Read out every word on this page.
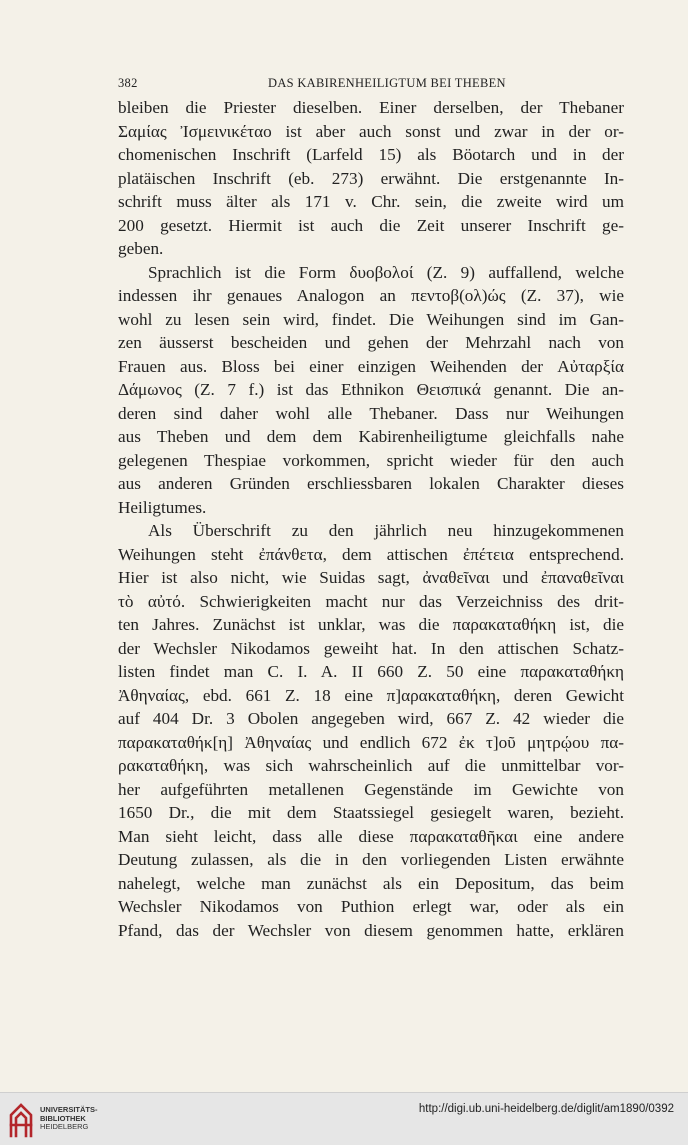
382	DAS KABIRENHEILIGTUM BEI THEBEN
bleiben die Priester dieselben. Einer derselben, der Thebaner
Σαμίας Ἰσμεινικέταο ist aber auch sonst und zwar in der or-
chomenischen Inschrift (Larfeld 15) als Böotarch und in der
platäischen Inschrift (eb. 273) erwähnt. Die erstgenannte In-
schrift muss älter als 171 v. Chr. sein, die zweite wird um
200 gesetzt. Hiermit ist auch die Zeit unserer Inschrift ge-
geben.
Sprachlich ist die Form δυοβολοί (Z. 9) auffallend, welche
indessen ihr genaues Analogon an πεντοβ(ολ)ώς (Z. 37), wie
wohl zu lesen sein wird, findet. Die Weihungen sind im Gan-
zen äusserst bescheiden und gehen der Mehrzahl nach von
Frauen aus. Bloss bei einer einzigen Weihenden der Αὐταρξία
Δάμωνος (Z. 7 f.) ist das Ethnikon Θεισπικά genannt. Die an-
deren sind daher wohl alle Thebaner. Dass nur Weihungen
aus Theben und dem dem Kabirenheiligtume gleichfalls nahe
gelegenen Thespiae vorkommen, spricht wieder für den auch
aus anderen Gründen erschliessbaren lokalen Charakter dieses
Heiligtumes.
Als Überschrift zu den jährlich neu hinzugekommenen
Weihungen steht ἐπάνθετα, dem attischen ἐπέτεια entsprechend.
Hier ist also nicht, wie Suidas sagt, ἀναθεῖναι und ἐπαναθεῖναι
τὸ αὐτό. Schwierigkeiten macht nur das Verzeichniss des drit-
ten Jahres. Zunächst ist unklar, was die παρακαταθήκη ist, die
der Wechsler Nikodamos geweiht hat. In den attischen Schatz-
listen findet man C. I. A. II 660 Z. 50 eine παρακαταθήκη
Ἀθηναίας, ebd. 661 Z. 18 eine π]αρακαταθήκη, deren Gewicht
auf 404 Dr. 3 Obolen angegeben wird, 667 Z. 42 wieder die
παρακαταθήκ[η] Ἀθηναίας und endlich 672 ἐκ τ]οῦ μητρῴου πα-
ρακαταθήκη, was sich wahrscheinlich auf die unmittelbar vor-
her aufgeführten metallenen Gegenstände im Gewichte von
1650 Dr., die mit dem Staatssiegel gesiegelt waren, bezieht.
Man sieht leicht, dass alle diese παρακαταθῆκαι eine andere
Deutung zulassen, als die in den vorliegenden Listen erwähnte
nahelegt, welche man zunächst als ein Depositum, das beim
Wechsler Nikodamos von Puthion erlegt war, oder als ein
Pfand, das der Wechsler von diesem genommen hatte, erklären
UNIVERSITÄTS-
BIBLIOTHEK
HEIDELBERG
http://digi.ub.uni-heidelberg.de/diglit/am1890/0392
